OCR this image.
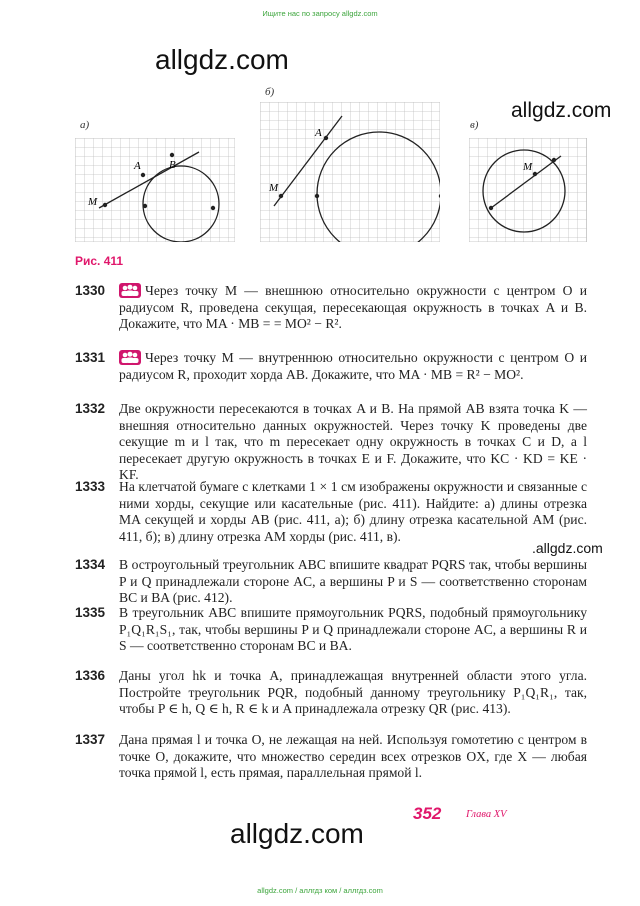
Ищите нас по запросу allgdz.com
allgdz.com
allgdz.com
а)
б)
в)
M
A	B
M
A
M
Рис. 411
1330	Через точку M — внешнюю относительно окружности с центром O и радиусом R, проведена секущая, пересекающая окружность в точках A и B. Докажите, что MA · MB = = MO² − R².
1331	Через точку M — внутреннюю относительно окружности с центром O и радиусом R, проходит хорда AB. Докажите, что MA · MB = R² − MO².
1332 Две окружности пересекаются в точках A и B. На прямой AB взята точка K — внешняя относительно данных окружностей. Через точку K проведены две секущие m и l так, что m пересекает одну окружность в точках C и D, а l пересекает другую окружность в точках E и F. Докажите, что KC · KD = KE · KF.
1333 На клетчатой бумаге с клетками 1 × 1 см изображены окружности и связанные с ними хорды, секущие или касательные (рис. 411). Найдите: а) длины отрезка MA секущей и хорды AB (рис. 411, а); б) длину отрезка касательной AM (рис. 411, б); в) длину отрезка AM хорды (рис. 411, в).
.allgdz.com
1334 В остроугольный треугольник ABC впишите квадрат PQRS так, чтобы вершины P и Q принадлежали стороне AC, а вершины P и S — соответственно сторонам BC и BA (рис. 412).
1335 В треугольник ABC впишите прямоугольник PQRS, подобный прямоугольнику P₁Q₁R₁S₁, так, чтобы вершины P и Q принадлежали стороне AC, а вершины R и S — соответственно сторонам BC и BA.
1336 Даны угол hk и точка A, принадлежащая внутренней области этого угла. Постройте треугольник PQR, подобный данному треугольнику P₁Q₁R₁, так, чтобы P ∈ h, Q ∈ h, R ∈ k и A принадлежала отрезку QR (рис. 413).
1337 Дана прямая l и точка O, не лежащая на ней. Используя гомотетию с центром в точке O, докажите, что множество середин всех отрезков OX, где X — любая точка прямой l, есть прямая, параллельная прямой l.
352 Глава XV
allgdz.com
allgdz.com / аллгдз ком / аллгдз.com
